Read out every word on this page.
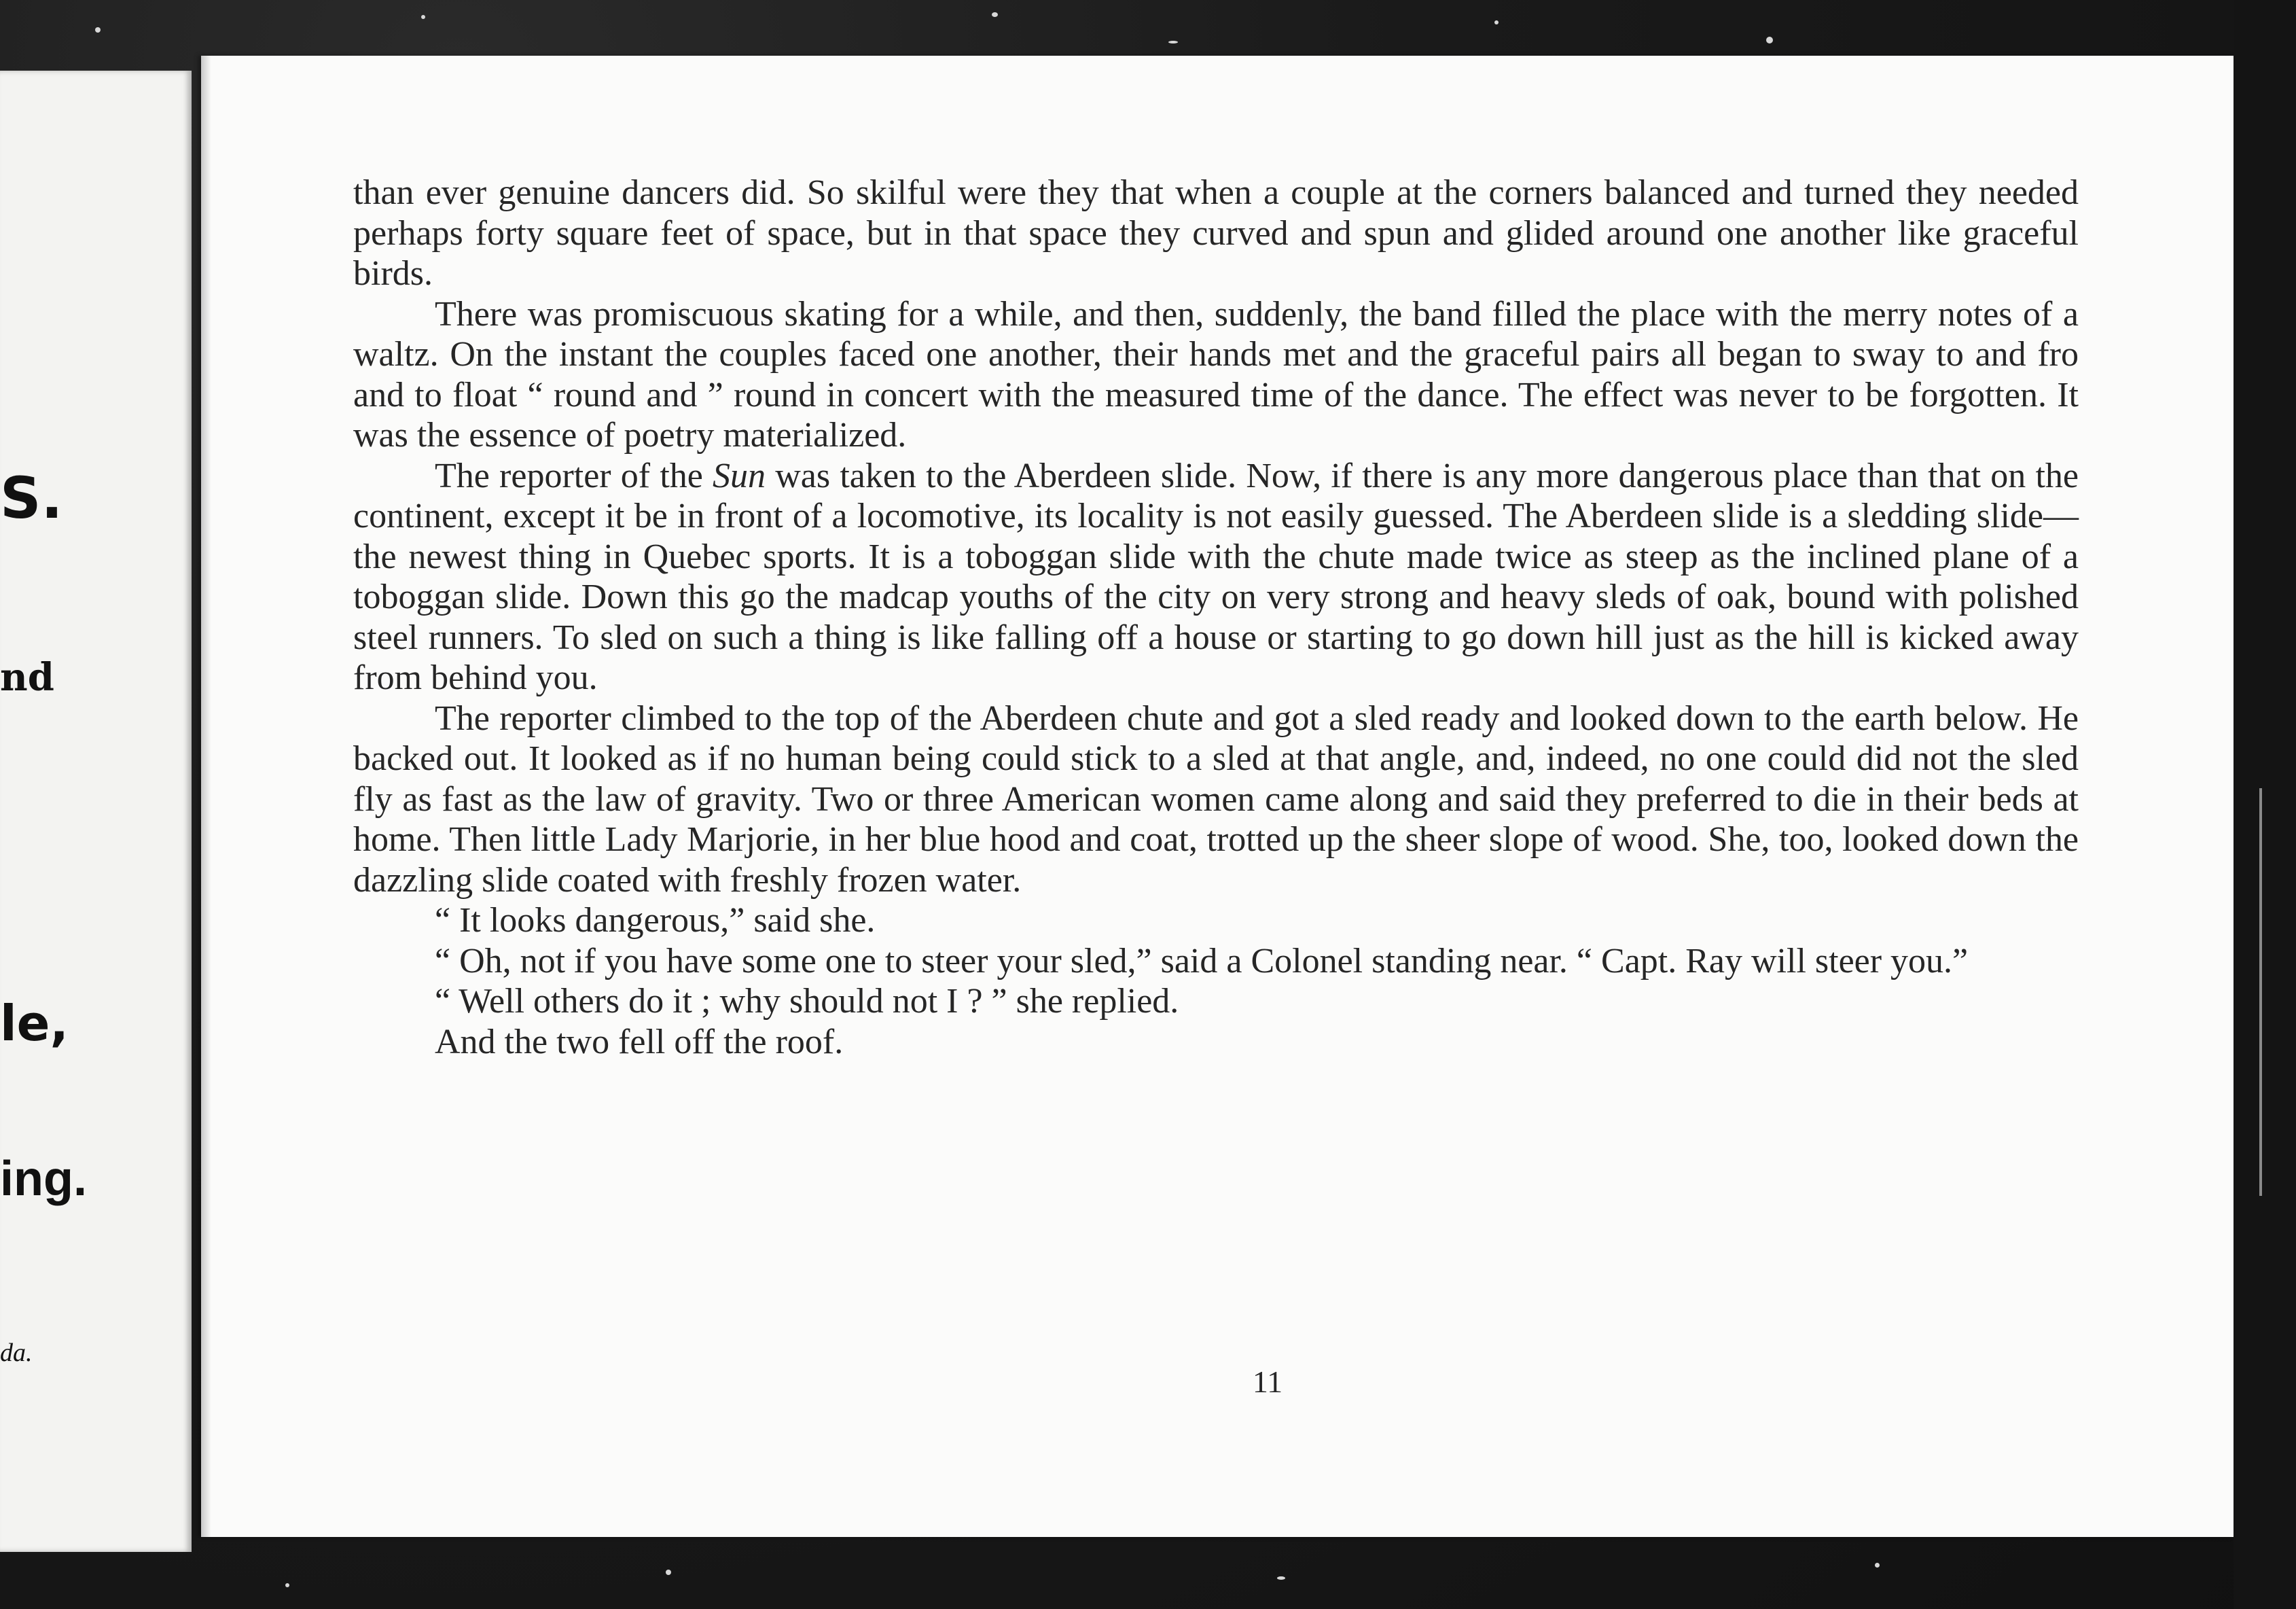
S.
nd
le,
ing.
da.

than ever genuine dancers did. So skilful were they that when a couple at the corners balanced and turned they needed perhaps forty square feet of space, but in that space they curved and spun and glided around one another like graceful birds.

There was promiscuous skating for a while, and then, suddenly, the band filled the place with the merry notes of a waltz. On the instant the couples faced one another, their hands met and the graceful pairs all began to sway to and fro and to float “ round and ” round in concert with the measured time of the dance. The effect was never to be forgotten. It was the essence of poetry materialized.

The reporter of the Sun was taken to the Aberdeen slide. Now, if there is any more dangerous place than that on the continent, except it be in front of a locomotive, its locality is not easily guessed. The Aberdeen slide is a sledding slide—the newest thing in Quebec sports. It is a toboggan slide with the chute made twice as steep as the inclined plane of a toboggan slide. Down this go the madcap youths of the city on very strong and heavy sleds of oak, bound with polished steel runners. To sled on such a thing is like falling off a house or starting to go down hill just as the hill is kicked away from behind you.

The reporter climbed to the top of the Aberdeen chute and got a sled ready and looked down to the earth below. He backed out. It looked as if no human being could stick to a sled at that angle, and, indeed, no one could did not the sled fly as fast as the law of gravity. Two or three American women came along and said they preferred to die in their beds at home. Then little Lady Marjorie, in her blue hood and coat, trotted up the sheer slope of wood. She, too, looked down the dazzling slide coated with freshly frozen water.

“ It looks dangerous,” said she.

“ Oh, not if you have some one to steer your sled,” said a Colonel standing near. “ Capt. Ray will steer you.”

“ Well others do it ; why should not I ? ” she replied.

And the two fell off the roof.

11
